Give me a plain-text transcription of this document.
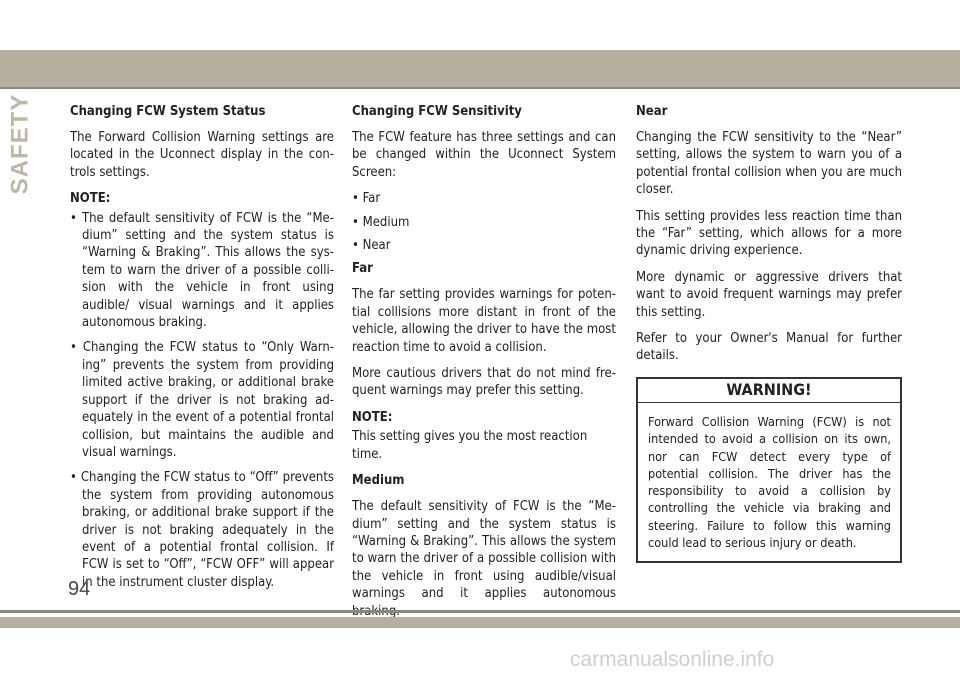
SAFETY	Changing FCW System Status

The Forward Collision Warning settings are located in the Uconnect display in the controls settings.

NOTE:
• The default sensitivity of FCW is the “Medium” setting and the system status is “Warning & Braking”. This allows the system to warn the driver of a possible collision with the vehicle in front using audible/ visual warnings and it applies autonomous braking.
• Changing the FCW status to “Only Warning” prevents the system from providing limited active braking, or additional brake support if the driver is not braking adequately in the event of a potential frontal collision, but maintains the audible and visual warnings.
• Changing the FCW status to “Off” prevents the system from providing autonomous braking, or additional brake support if the driver is not braking adequately in the event of a potential frontal collision. If FCW is set to “Off”, “FCW OFF” will appear in the instrument cluster display.
Changing FCW Sensitivity

The FCW feature has three settings and can be changed within the Uconnect System Screen:

• Far
• Medium
• Near
Far

The far setting provides warnings for potential collisions more distant in front of the vehicle, allowing the driver to have the most reaction time to avoid a collision.

More cautious drivers that do not mind frequent warnings may prefer this setting.

NOTE:

This setting gives you the most reaction time.

Medium

The default sensitivity of FCW is the “Medium” setting and the system status is “Warning & Braking”. This allows the system to warn the driver of a possible collision with the vehicle in front using audible/visual warnings and it applies autonomous

Near

Changing the FCW sensitivity to the “Near” setting, allows the system to warn you of a potential frontal collision when you are much closer.

This setting provides less reaction time than the “Far” setting, which allows for a more dynamic driving experience.

More dynamic or aggressive drivers that want to avoid frequent warnings may prefer this setting.

Refer to your Owner's Manual for further details.

WARNING!
Forward Collision Warning (FCW) is not intended to avoid a collision on its own, nor can FCW detect every type of potential collision. The driver has the responsibility to avoid a collision by controlling the vehicle via braking and steering. Failure to follow this warning could lead to serious injury or death.
94
carmanualsonline.info
